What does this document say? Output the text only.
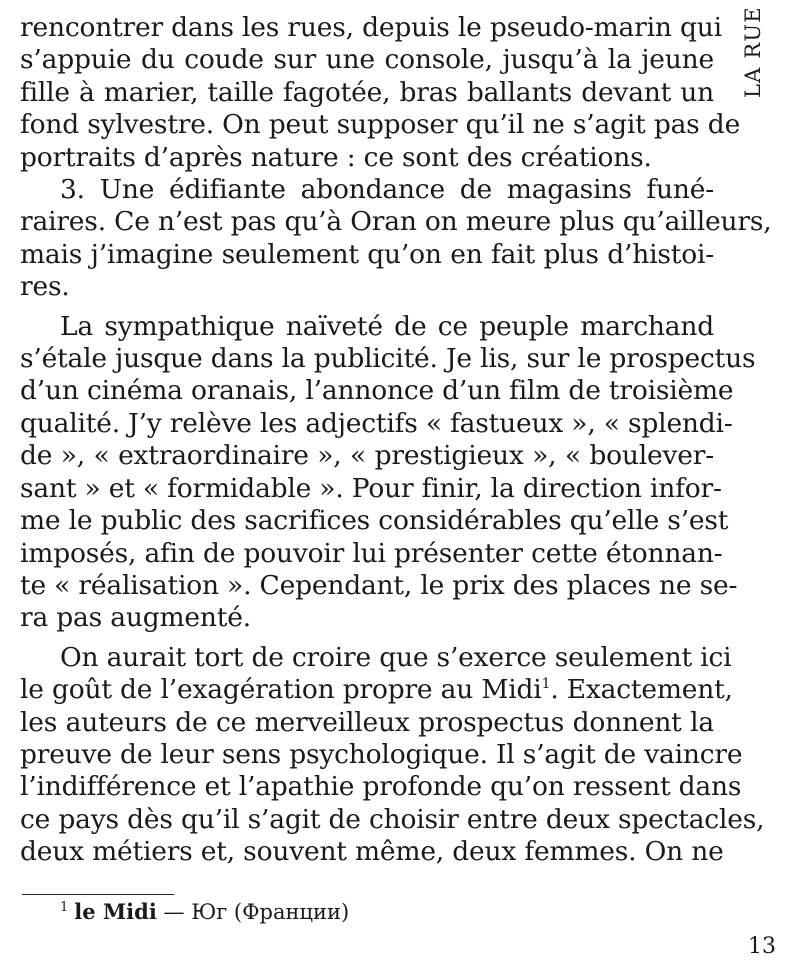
rencontrer dans les rues, depuis le pseudo-marin qui
s’appuie du coude sur une console, jusqu’à la jeune
fille à marier, taille fagotée, bras ballants devant un
fond sylvestre. On peut supposer qu’il ne s’agit pas de
portraits d’après nature : ce sont des créations.
3. Une édifiante abondance de magasins funé-
raires. Ce n’est pas qu’à Oran on meure plus qu’ailleurs,
mais j’imagine seulement qu’on en fait plus d’histoi-
res.
La sympathique naïveté de ce peuple marchand
s’étale jusque dans la publicité. Je lis, sur le prospectus
d’un cinéma oranais, l’annonce d’un film de troisième
qualité. J’y relève les adjectifs « fastueux », « splendi-
de », « extraordinaire », « prestigieux », « boulever-
sant » et « formidable ». Pour finir, la direction infor-
me le public des sacrifices considérables qu’elle s’est
imposés, afin de pouvoir lui présenter cette étonnan-
te « réalisation ». Cependant, le prix des places ne se-
ra pas augmenté.
On aurait tort de croire que s’exerce seulement ici
le goût de l’exagération propre au Midi$^1$. Exactement,
les auteurs de ce merveilleux prospectus donnent la
preuve de leur sens psychologique. Il s’agit de vaincre
l’indifférence et l’apathie profonde qu’on ressent dans
ce pays dès qu’il s’agit de choisir entre deux spectacles,
deux métiers et, souvent même, deux femmes. On ne
LA RUE
$^1$ le Midi — Юг (Франции)
13
